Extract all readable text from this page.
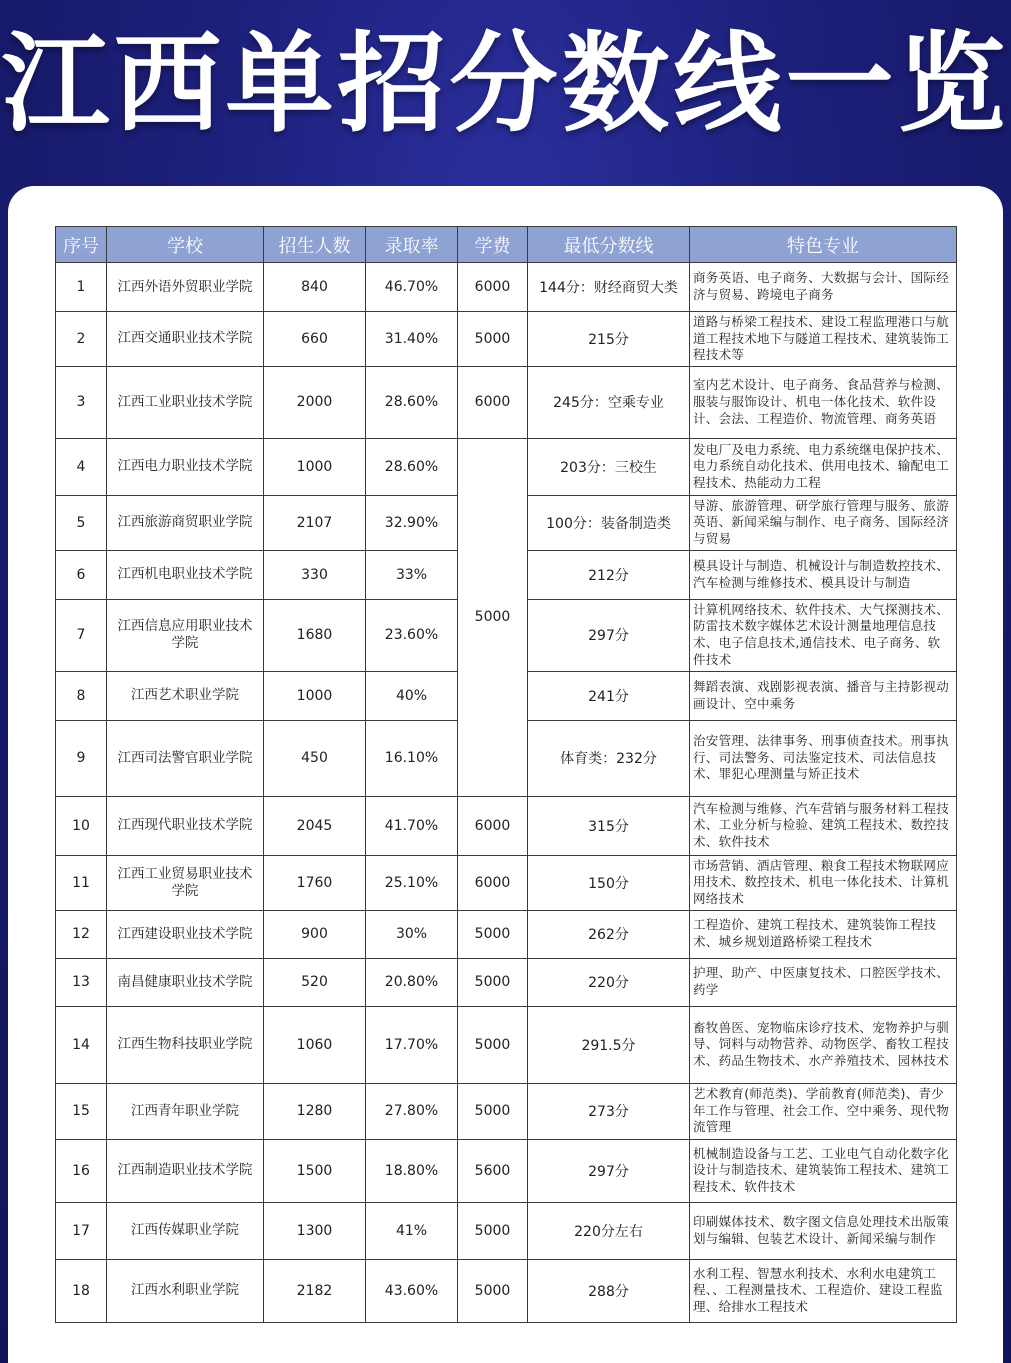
江西单招分数线一览
序号	学校	招生人数	录取率	学费	最低分数线	特色专业
1	江西外语外贸职业学院	840	46.70%	6000	144分：财经商贸大类	商务英语、电子商务、大数据与会计、国际经济与贸易、跨境电子商务
2	江西交通职业技术学院	660	31.40%	5000	215分	道路与桥梁工程技术、建设工程监理港口与航道工程技术地下与隧道工程技术、建筑装饰工程技术等
3	江西工业职业技术学院	2000	28.60%	6000	245分：空乘专业	室内艺术设计、电子商务、食品营养与检测、服装与服饰设计、机电一体化技术、软件设计、会法、工程造价、物流管理、商务英语
4	江西电力职业技术学院	1000	28.60%	5000	203分：三校生	发电厂及电力系统、电力系统继电保护技术、电力系统自动化技术、供用电技术、输配电工程技术、热能动力工程
5	江西旅游商贸职业学院	2107	32.90%		100分：装备制造类	导游、旅游管理、研学旅行管理与服务、旅游英语、新闻采编与制作、电子商务、国际经济与贸易
6	江西机电职业技术学院	330	33%		212分	模具设计与制造、机械设计与制造数控技术、汽车检测与维修技术、模具设计与制造
7	江西信息应用职业技术学院	1680	23.60%		297分	计算机网络技术、软件技术、大气探测技术、防雷技术数字媒体艺术设计测量地理信息技术、电子信息技术,通信技术、电子商务、软件技术
8	江西艺术职业学院	1000	40%		241分	舞蹈表演、戏剧影视表演、播音与主持影视动画设计、空中乘务
9	江西司法警官职业学院	450	16.10%		体育类：232分	治安管理、法律事务、刑事侦查技术。刑事执行、司法警务、司法鉴定技术、司法信息技术、罪犯心理测量与矫正技术
10	江西现代职业技术学院	2045	41.70%	6000	315分	汽车检测与维修、汽车营销与服务材料工程技术、工业分析与检验、建筑工程技术、数控技术、软件技术
11	江西工业贸易职业技术学院	1760	25.10%	6000	150分	市场营销、酒店管理、粮食工程技术物联网应用技术、数控技术、机电一体化技术、计算机网络技术
12	江西建设职业技术学院	900	30%	5000	262分	工程造价、建筑工程技术、建筑装饰工程技术、城乡规划道路桥梁工程技术
13	南昌健康职业技术学院	520	20.80%	5000	220分	护理、助产、中医康复技术、口腔医学技术、药学
14	江西生物科技职业学院	1060	17.70%	5000	291.5分	畜牧兽医、宠物临床诊疗技术、宠物养护与驯导、饲料与动物营养、动物医学、畜牧工程技术、药品生物技术、水产养殖技术、园林技术
15	江西青年职业学院	1280	27.80%	5000	273分	艺术教育(师范类)、学前教育(师范类)、青少年工作与管理、社会工作、空中乘务、现代物流管理
16	江西制造职业技术学院	1500	18.80%	5600	297分	机械制造设备与工艺、工业电气自动化数字化设计与制造技术、建筑装饰工程技术、建筑工程技术、软件技术
17	江西传媒职业学院	1300	41%	5000	220分左右	印刷媒体技术、数字图文信息处理技术出版策划与编辑、包装艺术设计、新闻采编与制作
18	江西水利职业学院	2182	43.60%	5000	288分	水利工程、智慧水利技术、水利水电建筑工程、、工程测量技术、工程造价、建设工程监理、给排水工程技术
